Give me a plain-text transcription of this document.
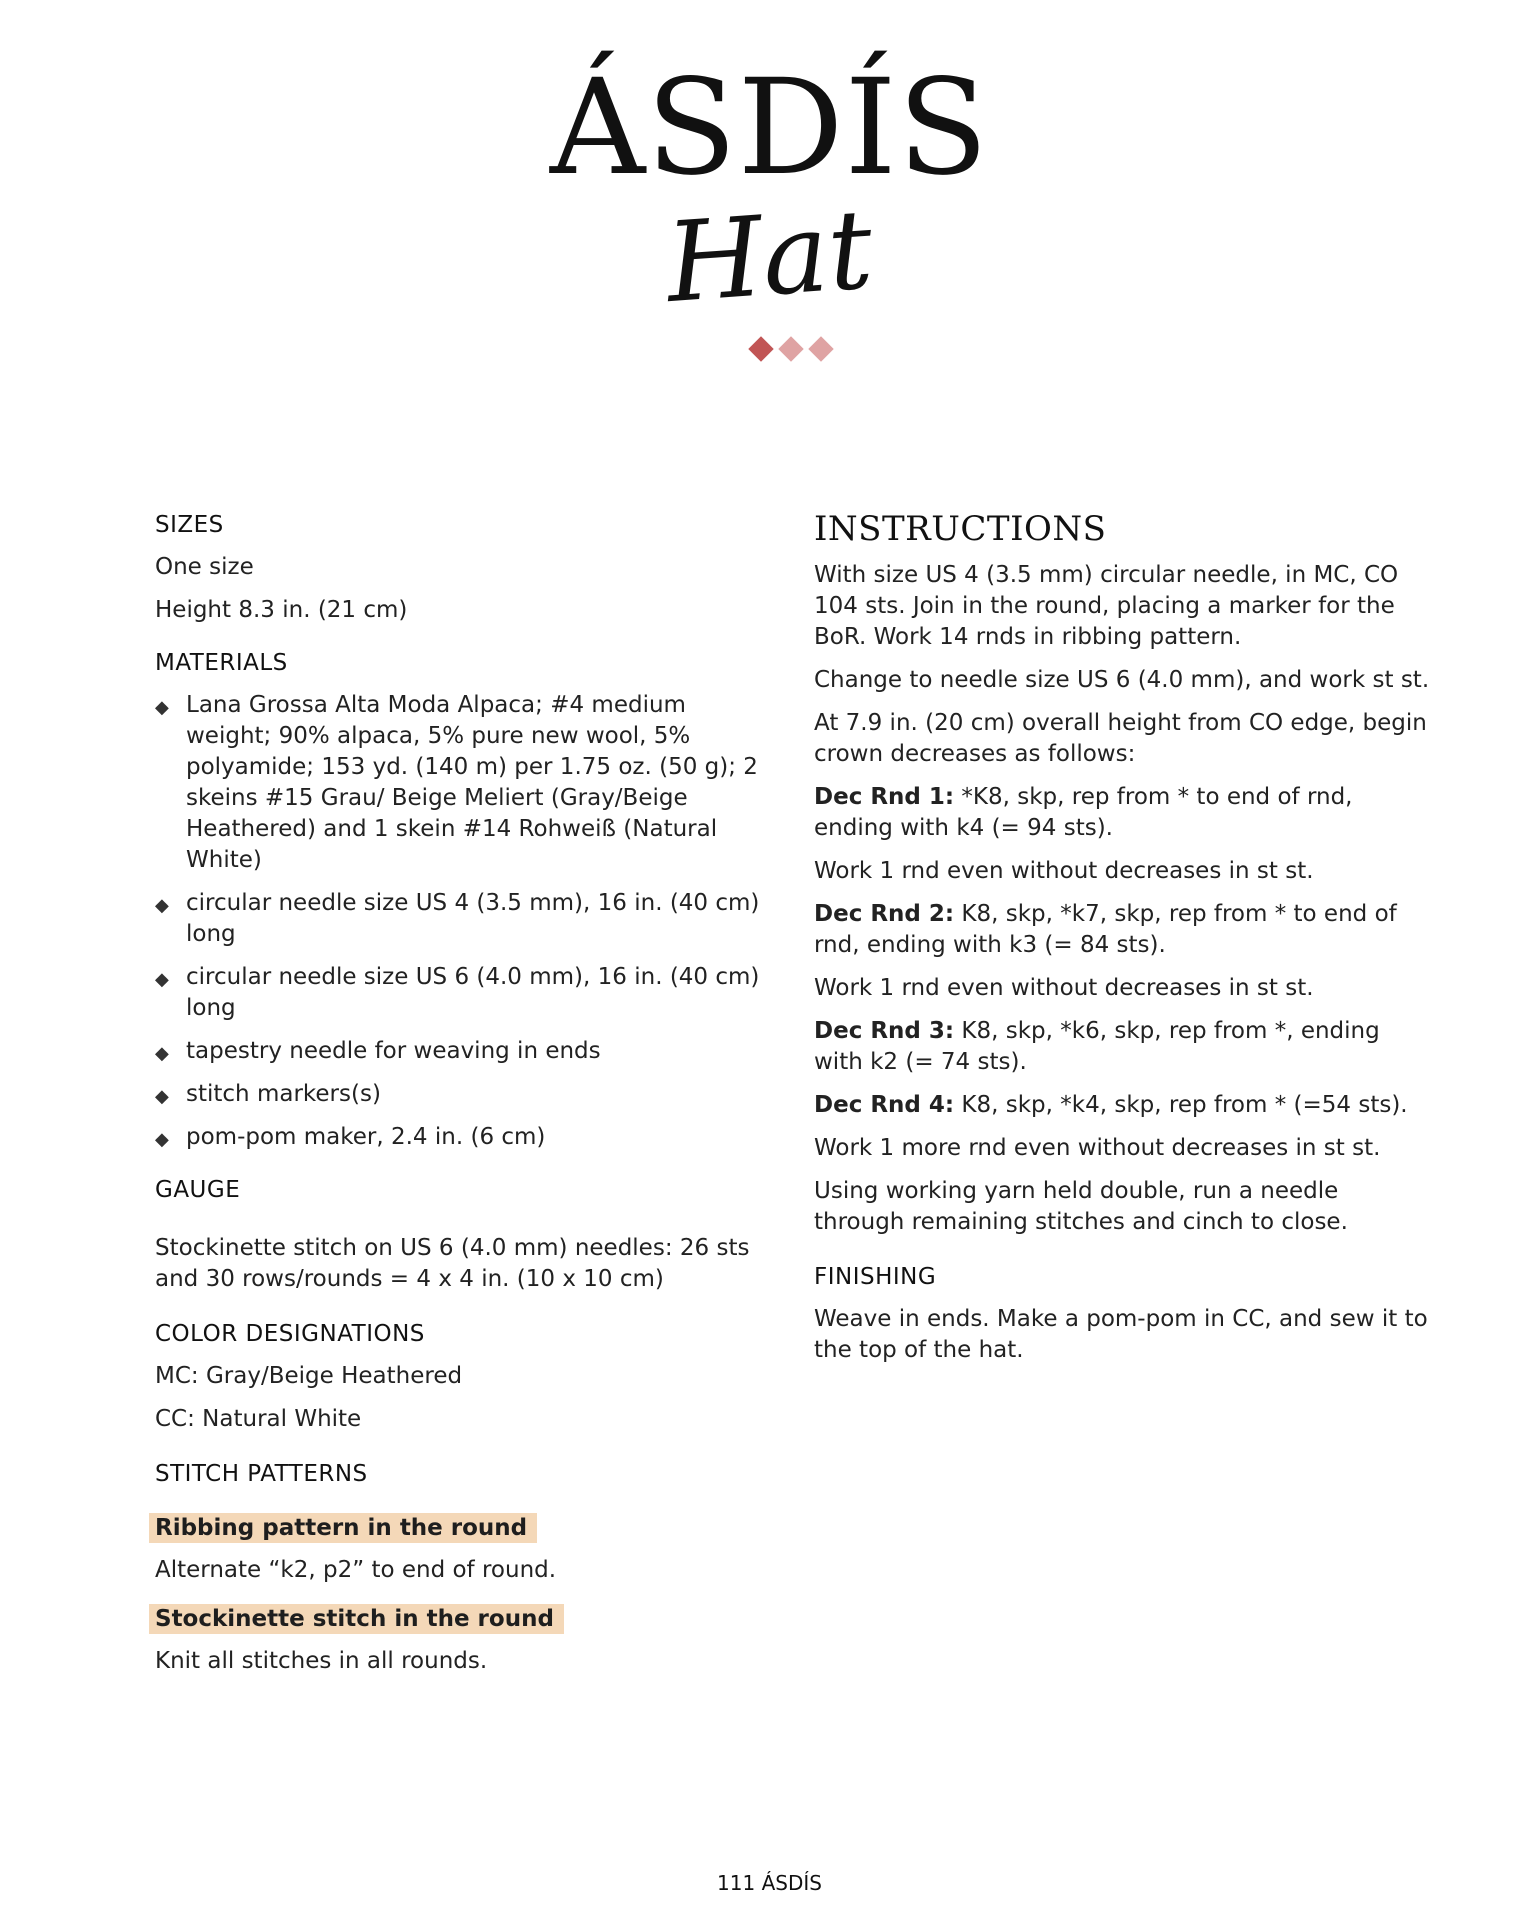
ÁSDÍS
Hat
SIZES

One size

Height 8.3 in. (21 cm)

MATERIALS
◆ Lana Grossa Alta Moda Alpaca; #4 medium weight; 90% alpaca, 5% pure new wool, 5% polyamide; 153 yd. (140 m) per 1.75 oz. (50 g); 2 skeins #15 Grau/ Beige Meliert (Gray/Beige Heathered) and 1 skein #14 Rohweiß (Natural White)
◆ circular needle size US 4 (3.5 mm), 16 in. (40 cm) long
◆ circular needle size US 6 (4.0 mm), 16 in. (40 cm) long
◆ tapestry needle for weaving in ends
◆ stitch markers(s)
◆ pom-pom maker, 2.4 in. (6 cm)
GAUGE

Stockinette stitch on US 6 (4.0 mm) needles: 26 sts and 30 rows/rounds = 4 x 4 in. (10 x 10 cm)

COLOR DESIGNATIONS

MC: Gray/Beige Heathered

CC: Natural White

STITCH PATTERNS
Ribbing pattern in the round

Alternate “k2, p2” to end of round.

Stockinette stitch in the round

Knit all stitches in all rounds.

INSTRUCTIONS

With size US 4 (3.5 mm) circular needle, in MC, CO 104 sts. Join in the round, placing a marker for the BoR. Work 14 rnds in ribbing pattern.

Change to needle size US 6 (4.0 mm), and work st st.

At 7.9 in. (20 cm) overall height from CO edge, begin crown decreases as follows:

Dec Rnd 1: *K8, skp, rep from * to end of rnd, ending with k4 (= 94 sts).

Work 1 rnd even without decreases in st st.

Dec Rnd 2: K8, skp, *k7, skp, rep from * to end of rnd, ending with k3 (= 84 sts).

Work 1 rnd even without decreases in st st.

Dec Rnd 3: K8, skp, *k6, skp, rep from *, ending with k2 (= 74 sts).

Dec Rnd 4: K8, skp, *k4, skp, rep from * (=54 sts).

Work 1 more rnd even without decreases in st st.

Using working yarn held double, run a needle through remaining stitches and cinch to close.

FINISHING

Weave in ends. Make a pom-pom in CC, and sew it to the top of the hat.

111 ÁSDÍS
